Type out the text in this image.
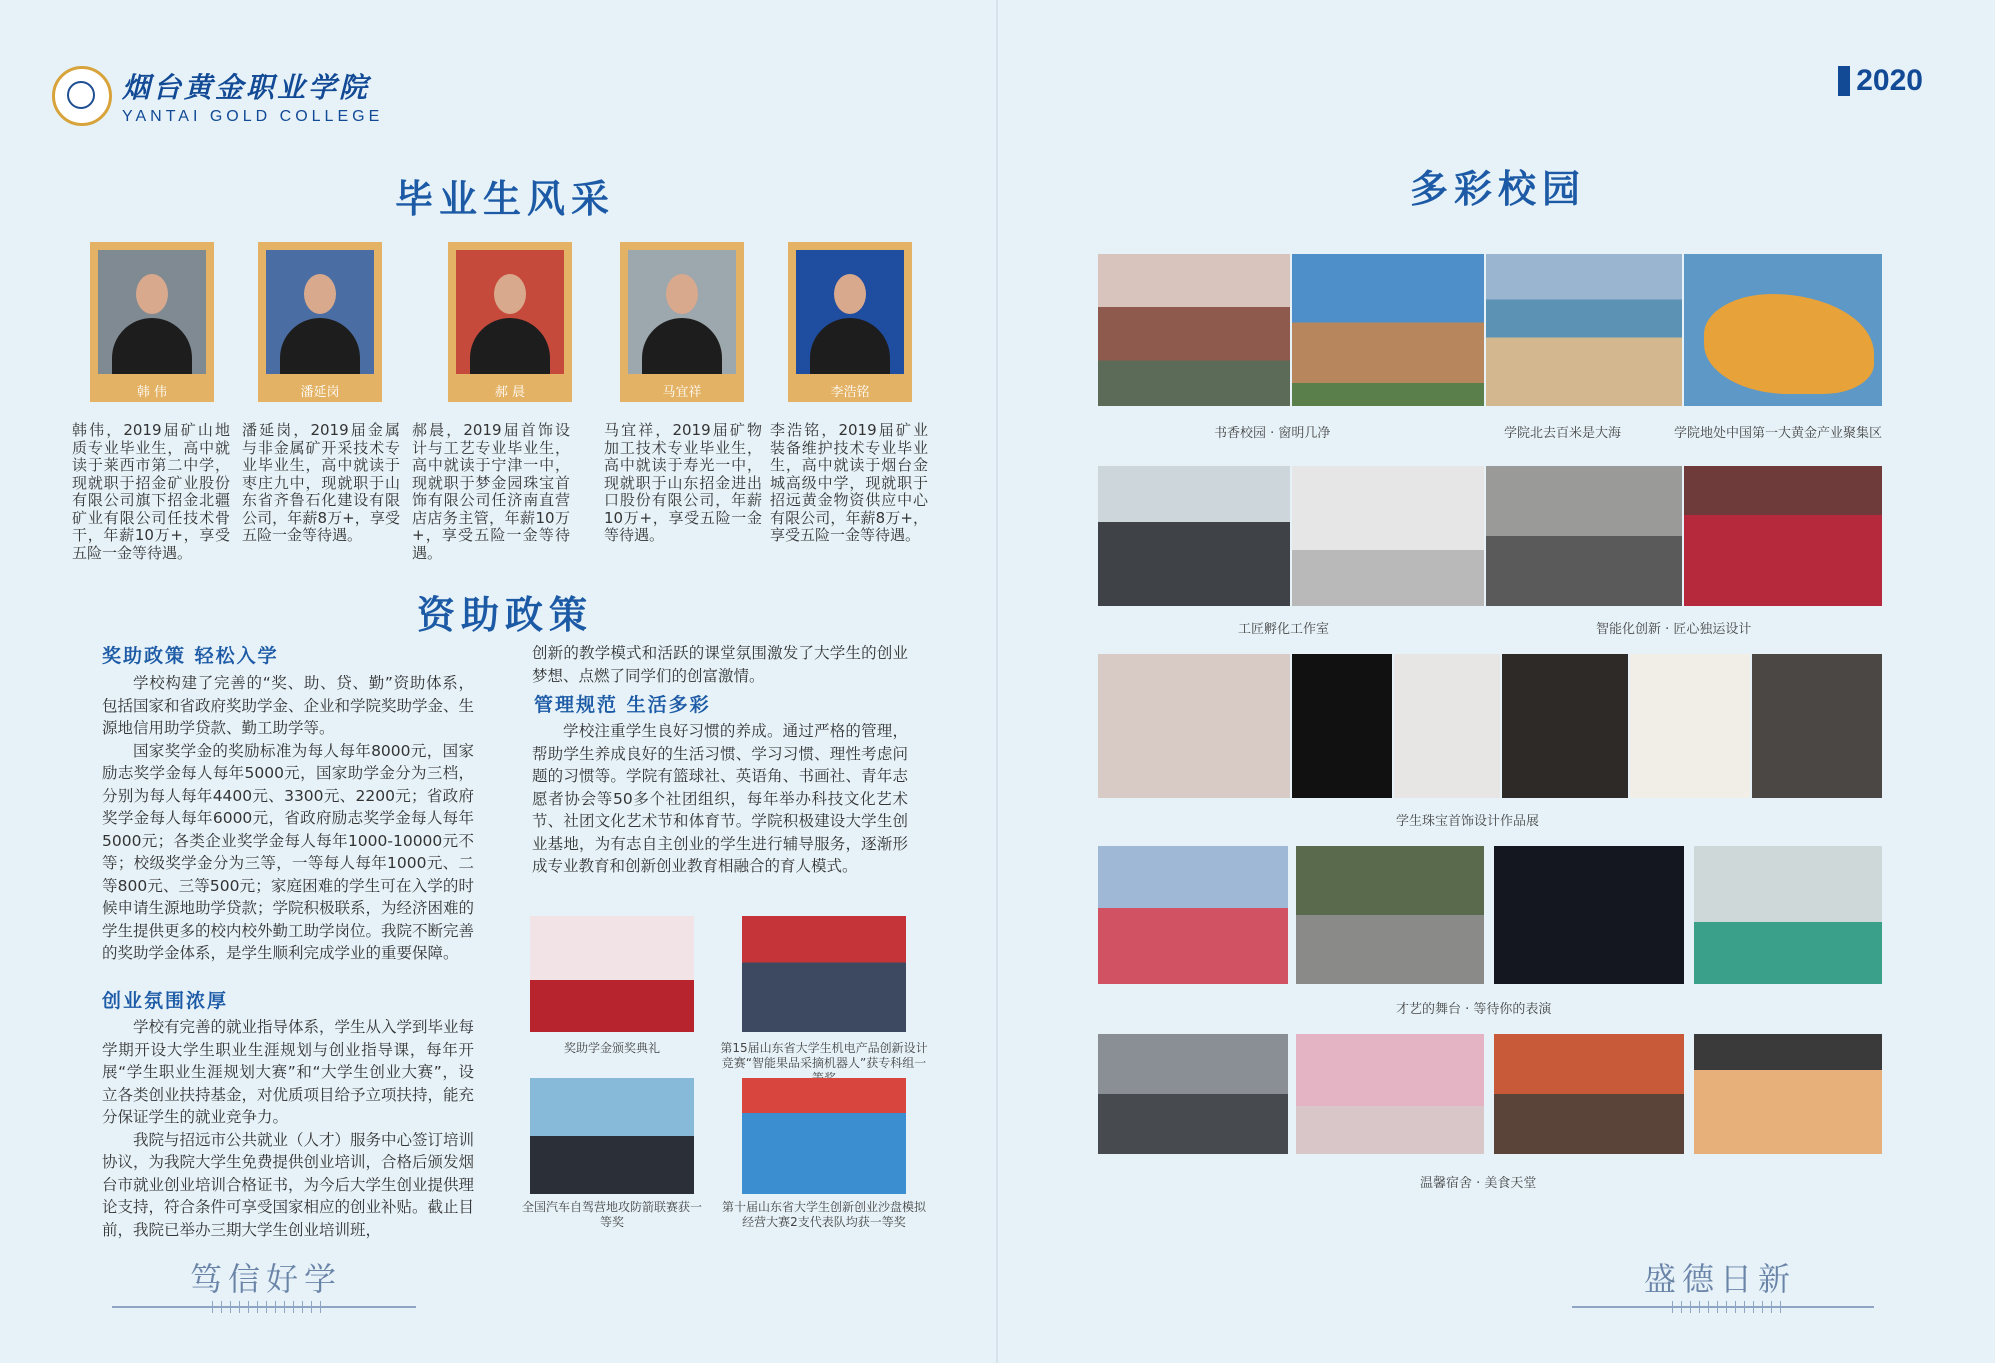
烟台黄金职业学院
YANTAI GOLD COLLEGE
毕业生风采
韩 伟	潘延岗	郝 晨	马宜祥	李浩铭
韩伟，2019届矿山地质专业毕业生，高中就读于莱西市第二中学，现就职于招金矿业股份有限公司旗下招金北疆矿业有限公司任技术骨干，年薪10万+，享受五险一金等待遇。
潘延岗，2019届金属与非金属矿开采技术专业毕业生，高中就读于枣庄九中，现就职于山东省齐鲁石化建设有限公司，年薪8万+，享受五险一金等待遇。
郝晨，2019届首饰设计与工艺专业毕业生，高中就读于宁津一中，现就职于梦金园珠宝首饰有限公司任济南直营店店务主管，年薪10万+，享受五险一金等待遇。
马宜祥，2019届矿物加工技术专业毕业生，高中就读于寿光一中，现就职于山东招金进出口股份有限公司，年薪10万+，享受五险一金等待遇。
李浩铭，2019届矿业装备维护技术专业毕业生，高中就读于烟台金城高级中学，现就职于招远黄金物资供应中心有限公司，年薪8万+，享受五险一金等待遇。
资助政策
奖助政策 轻松入学

学校构建了完善的“奖、助、贷、勤”资助体系，包括国家和省政府奖助学金、企业和学院奖助学金、生源地信用助学贷款、勤工助学等。

国家奖学金的奖励标准为每人每年8000元，国家励志奖学金每人每年5000元，国家助学金分为三档，分别为每人每年4400元、3300元、2200元；省政府奖学金每人每年6000元，省政府励志奖学金每人每年5000元；各类企业奖学金每人每年1000-10000元不等；校级奖学金分为三等，一等每人每年1000元、二等800元、三等500元；家庭困难的学生可在入学的时候申请生源地助学贷款；学院积极联系，为经济困难的学生提供更多的校内校外勤工助学岗位。我院不断完善的奖助学金体系，是学生顺利完成学业的重要保障。

创业氛围浓厚

学校有完善的就业指导体系，学生从入学到毕业每学期开设大学生职业生涯规划与创业指导课，每年开展“学生职业生涯规划大赛”和“大学生创业大赛”，设立各类创业扶持基金，对优质项目给予立项扶持，能充分保证学生的就业竞争力。

我院与招远市公共就业（人才）服务中心签订培训协议，为我院大学生免费提供创业培训，合格后颁发烟台市就业创业培训合格证书，为今后大学生创业提供理论支持，符合条件可享受国家相应的创业补贴。截止目前，我院已举办三期大学生创业培训班，

创新的教学模式和活跃的课堂氛围激发了大学生的创业梦想、点燃了同学们的创富激情。

管理规范 生活多彩

学校注重学生良好习惯的养成。通过严格的管理，帮助学生养成良好的生活习惯、学习习惯、理性考虑问题的习惯等。学院有篮球社、英语角、书画社、青年志愿者协会等50多个社团组织，每年举办科技文化艺术节、社团文化艺术节和体育节。学院积极建设大学生创业基地，为有志自主创业的学生进行辅导服务，逐渐形成专业教育和创新创业教育相融合的育人模式。

奖助学金颁奖典礼	第15届山东省大学生机电产品创新设计竞赛“智能果品采摘机器人”获专科组一
全国汽车自驾营地攻防箭联赛获一等奖
第十届山东省大学生创新创业沙盘模拟经营大赛2支代表队均获一等奖
笃信好学
2020
多彩校园
书香校园 · 窗明几净	学院北去百米是大海	学院地处中国第一大黄金产业聚集区
工匠孵化工作室	智能化创新 · 匠心独运设计
学生珠宝首饰设计作品展
才艺的舞台 · 等待你的表演
温馨宿舍 · 美食天堂
盛德日新
